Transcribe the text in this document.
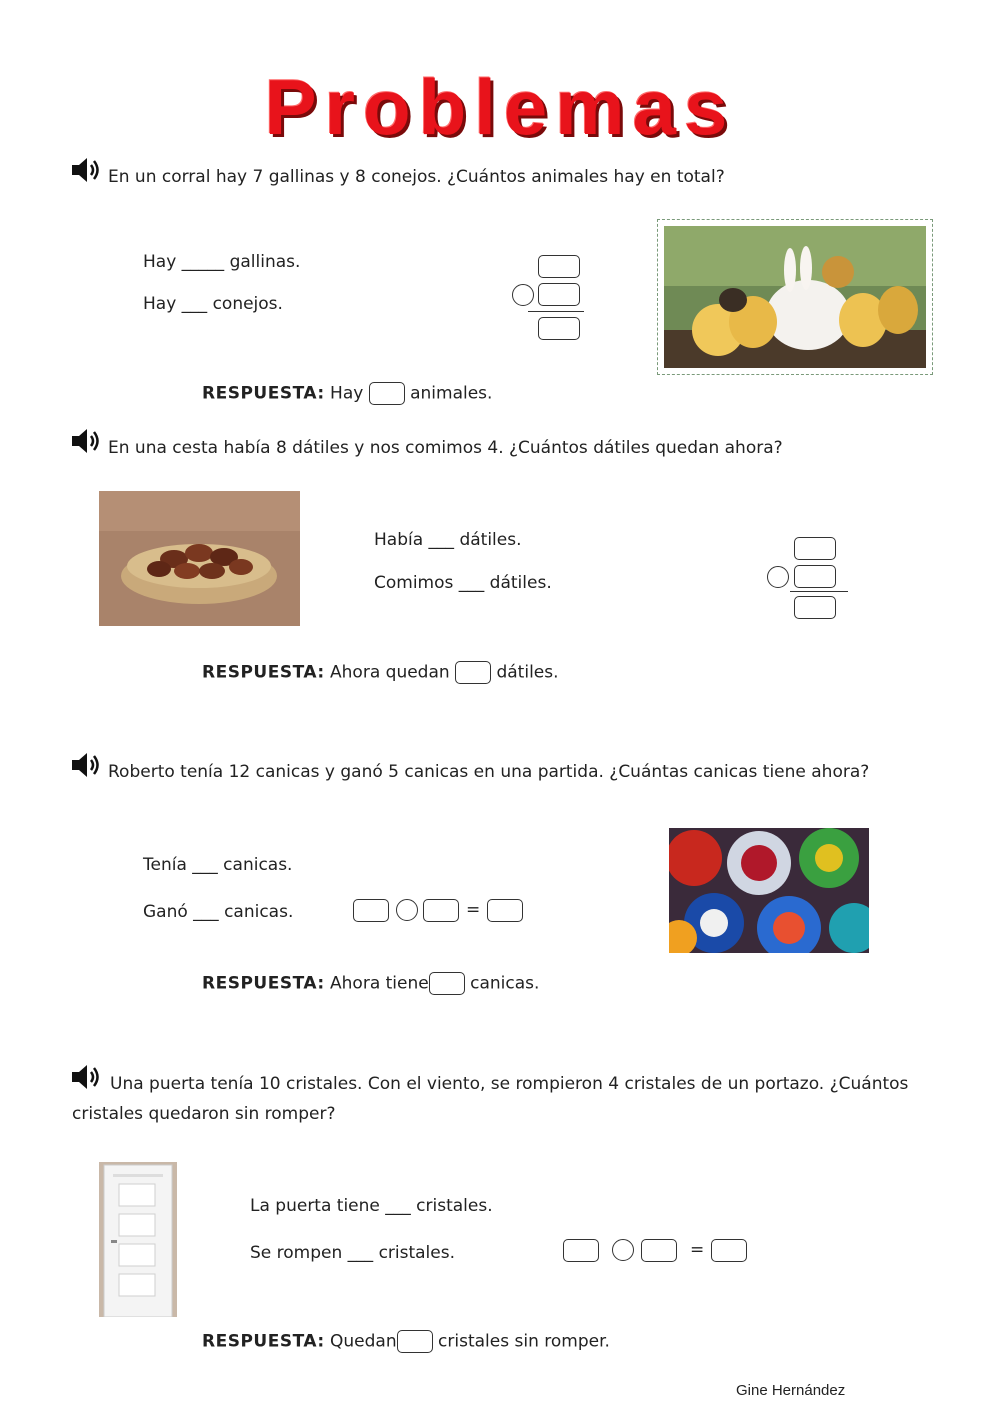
Problemas
En un corral hay 7 gallinas y 8 conejos. ¿Cuántos animales hay en total?
Hay _____ gallinas.
Hay ___ conejos.
RESPUESTA: Hay	animales.
En una cesta había 8 dátiles y nos comimos 4. ¿Cuántos dátiles quedan ahora?
Había ___ dátiles.
Comimos ___ dátiles.
RESPUESTA: Ahora quedan	dátiles.
Roberto tenía 12 canicas y ganó 5 canicas en una partida. ¿Cuántas canicas tiene ahora?
Tenía ___ canicas.
Ganó ___ canicas.	=
RESPUESTA: Ahora tiene canicas.
Una puerta tenía 10 cristales. Con el viento, se rompieron 4 cristales de un portazo. ¿Cuántos cristales quedaron sin romper?
La puerta tiene ___ cristales.
Se rompen ___ cristales.	=
RESPUESTA: Quedan cristales sin romper.
Gine Hernández
